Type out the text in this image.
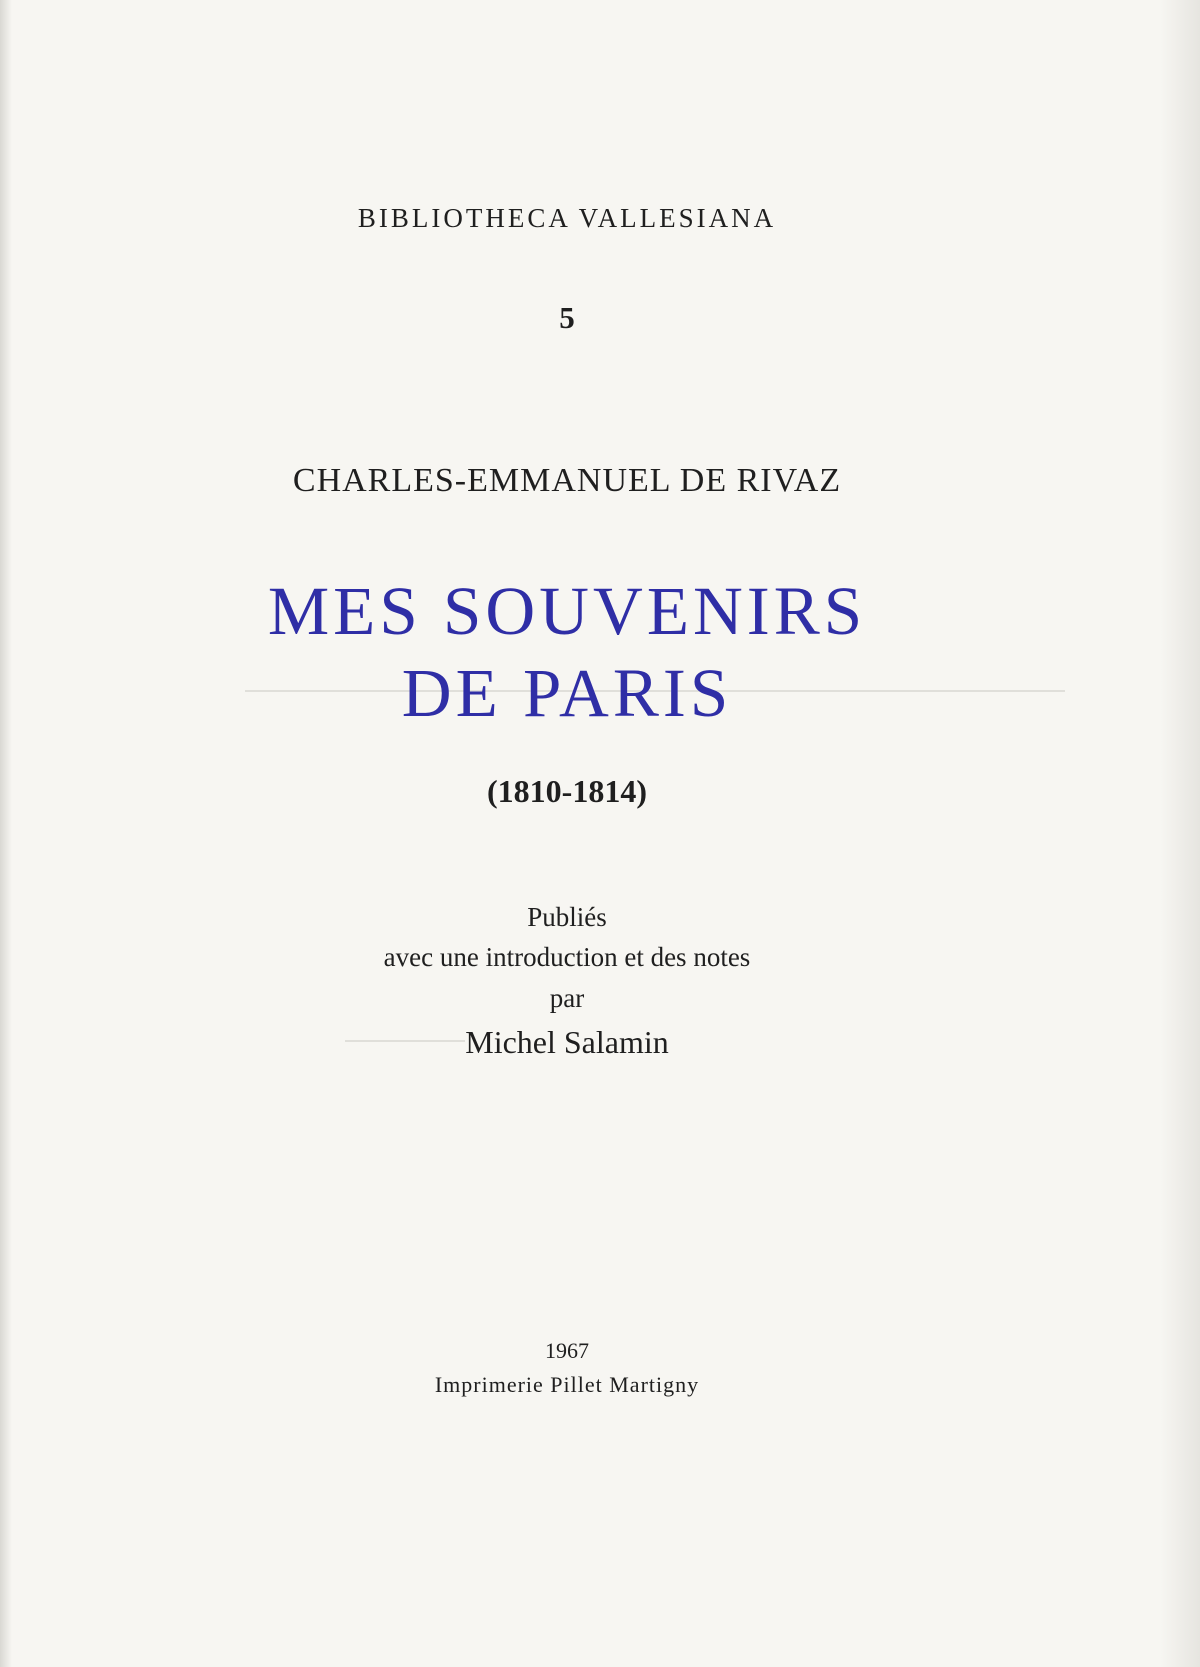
BIBLIOTHECA VALLESIANA
5
CHARLES-EMMANUEL DE RIVAZ
MES SOUVENIRS
DE PARIS
(1810-1814)
Publiés
avec une introduction et des notes
par
Michel Salamin
1967
Imprimerie Pillet Martigny
